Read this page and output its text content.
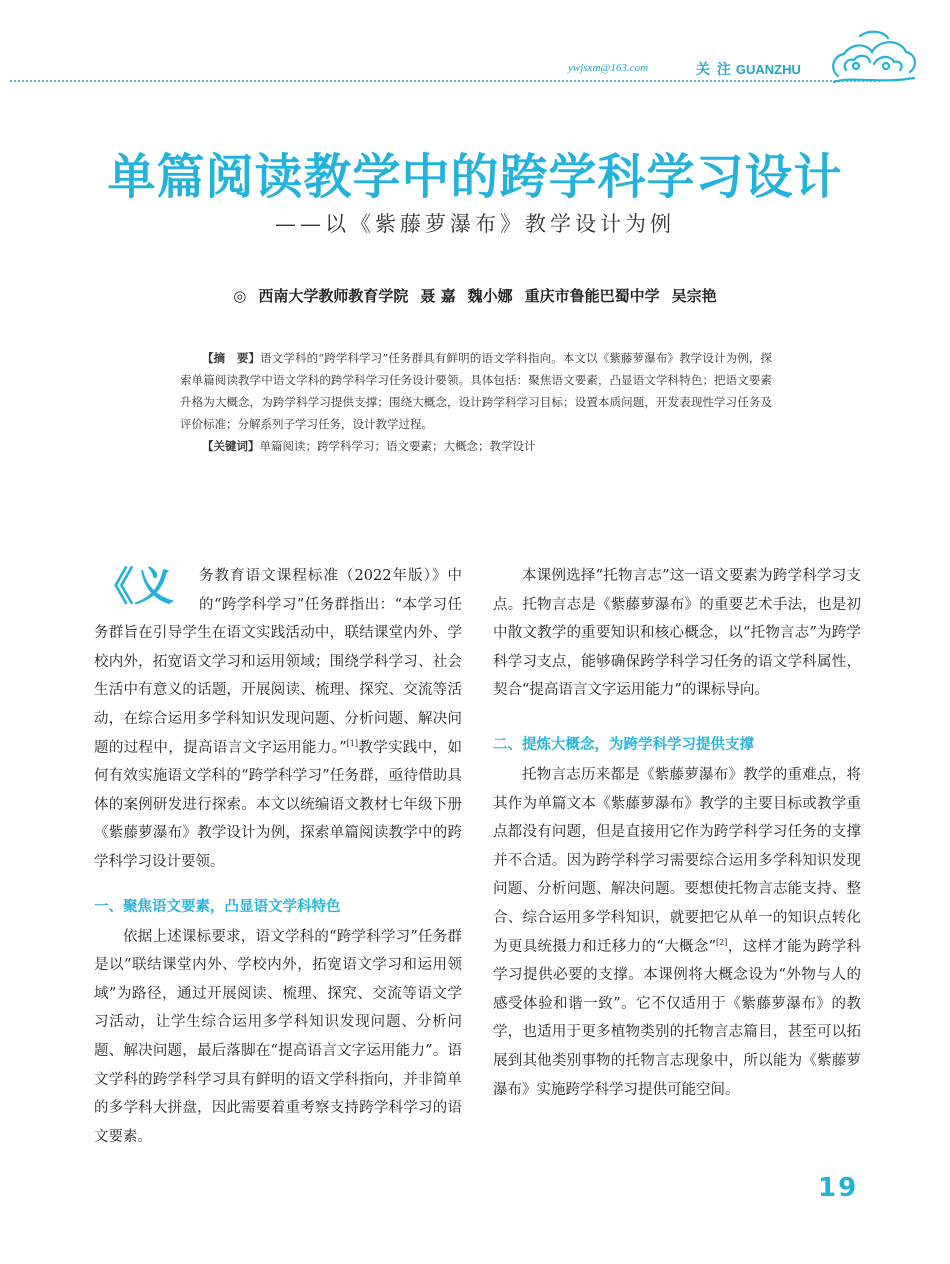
ywjsxm@163.com	关 注 GUANZHU
单篇阅读教学中的跨学科学习设计
——以《紫藤萝瀑布》教学设计为例
◎ 西南大学教师教育学院 聂 嘉 魏小娜 重庆市鲁能巴蜀中学 吴宗艳

【摘　要】语文学科的“跨学科学习”任务群具有鲜明的语文学科指向。本文以《紫藤萝瀑布》教学设计为例，探索单篇阅读教学中语文学科的跨学科学习任务设计要领。具体包括：聚焦语文要素，凸显语文学科特色；把语文要素升格为大概念，为跨学科学习提供支撑；围绕大概念，设计跨学科学习目标；设置本质问题，开发表现性学习任务及评价标准；分解系列子学习任务，设计教学过程。

【关键词】单篇阅读；跨学科学习；语文要素；大概念；教学设计

《义	务教育语文课程标准（2022年版）》中的“跨学科学习”任务群指出：“本学习任务群旨在引导学生在语文实践活动中，联结课堂内外、学校内外，拓宽语文学习和运用领域；围绕学科学习、社会生活中有意义的话题，开展阅读、梳理、探究、交流等活动，在综合运用多学科知识发现问题、分析问题、解决问题的过程中，提高语言文字运用能力。”[1]教学实践中，如何有效实施语文学科的“跨学科学习”任务群，亟待借助具体的案例研发进行探索。本文以统编语文教材七年级下册《紫藤萝瀑布》教学设计为例，探索单篇阅读教学中的跨学科学习设计要领。

一、聚焦语文要素，凸显语文学科特色

依据上述课标要求，语文学科的“跨学科学习”任务群是以“联结课堂内外、学校内外，拓宽语文学习和运用领域”为路径，通过开展阅读、梳理、探究、交流等语文学习活动，让学生综合运用多学科知识发现问题、分析问题、解决问题，最后落脚在“提高语言文字运用能力”。语文学科的跨学科学习具有鲜明的语文学科指向，并非简单的多学科大拼盘，因此需要着重考察支持跨学科学习的语文要素。

本课例选择“托物言志”这一语文要素为跨学科学习支点。托物言志是《紫藤萝瀑布》的重要艺术手法，也是初中散文教学的重要知识和核心概念，以“托物言志”为跨学科学习支点，能够确保跨学科学习任务的语文学科属性，契合“提高语言文字运用能力”的课标导向。

二、提炼大概念，为跨学科学习提供支撑

托物言志历来都是《紫藤萝瀑布》教学的重难点，将其作为单篇文本《紫藤萝瀑布》教学的主要目标或教学重点都没有问题，但是直接用它作为跨学科学习任务的支撑并不合适。因为跨学科学习需要综合运用多学科知识发现问题、分析问题、解决问题。要想使托物言志能支持、整合、综合运用多学科知识，就要把它从单一的知识点转化为更具统摄力和迁移力的“大概念”[2]，这样才能为跨学科学习提供必要的支撑。本课例将大概念设为“外物与人的感受体验和谐一致”。它不仅适用于《紫藤萝瀑布》的教学，也适用于更多植物类别的托物言志篇目，甚至可以拓展到其他类别事物的托物言志现象中，所以能为《紫藤萝瀑布》实施跨学科学习提供可能空间。

19
